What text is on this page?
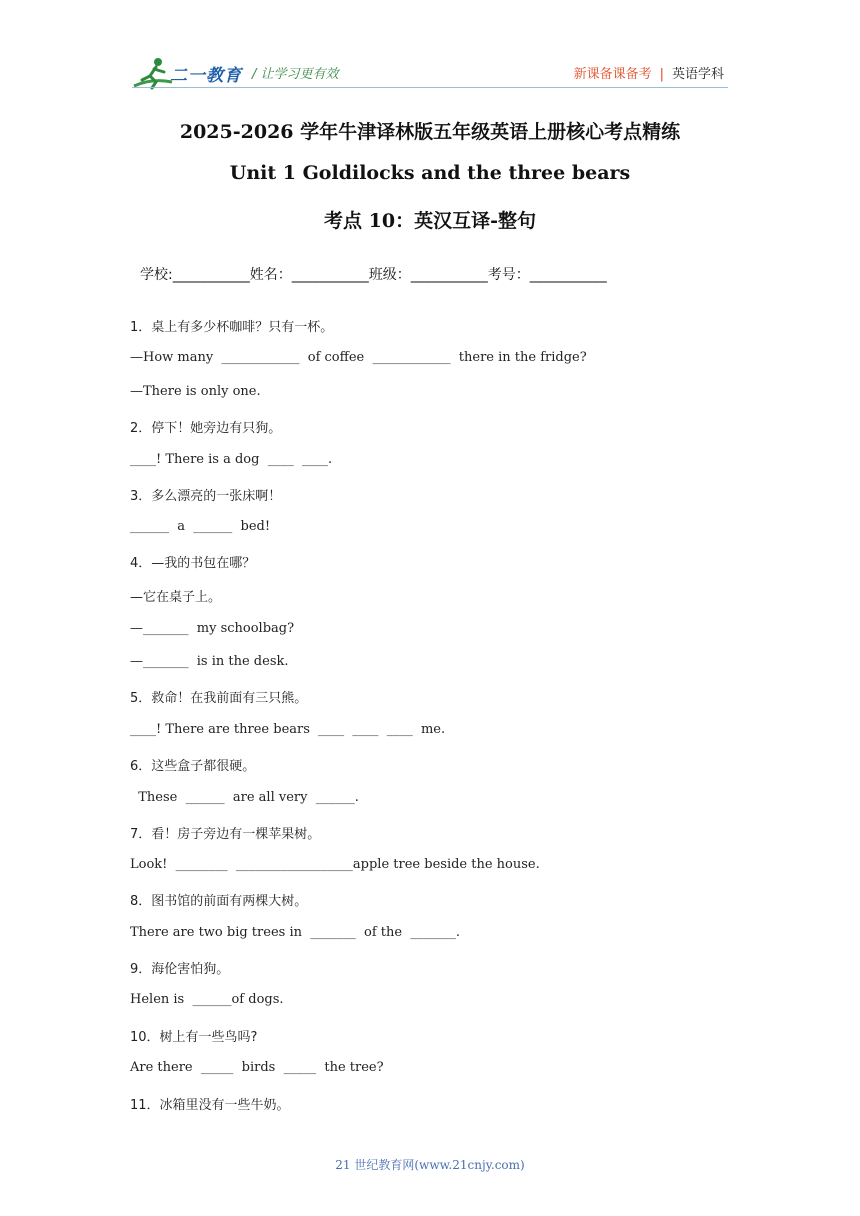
二一教育 / 让学习更有效	新课备课备考 | 英语学科
2025-2026 学年牛津译林版五年级英语上册核心考点精练
Unit 1 Goldilocks and the three bears
考点 10：英汉互译-整句
学校:___________姓名：___________班级：___________考号：___________
1．桌上有多少杯咖啡？只有一杯。
—How many  ____________  of coffee  ____________  there in the fridge?
—There is only one.
2．停下！她旁边有只狗。
____! There is a dog  ____  ____.
3．多么漂亮的一张床啊！
______  a  ______  bed!
4．—我的书包在哪？
—它在桌子上。
—_______  my schoolbag?
—_______  is in the desk.
5．救命！在我前面有三只熊。
____! There are three bears  ____  ____  ____  me.
6．这些盒子都很硬。
These  ______  are all very  ______.
7．看！房子旁边有一棵苹果树。
Look!  ________  __________________apple tree beside the house.
8．图书馆的前面有两棵大树。
There are two big trees in  _______  of the  _______.
9．海伦害怕狗。
Helen is  ______of dogs.
10．树上有一些鸟吗?
Are there  _____  birds  _____  the tree?
11．冰箱里没有一些牛奶。
21 世纪教育网(www.21cnjy.com)
